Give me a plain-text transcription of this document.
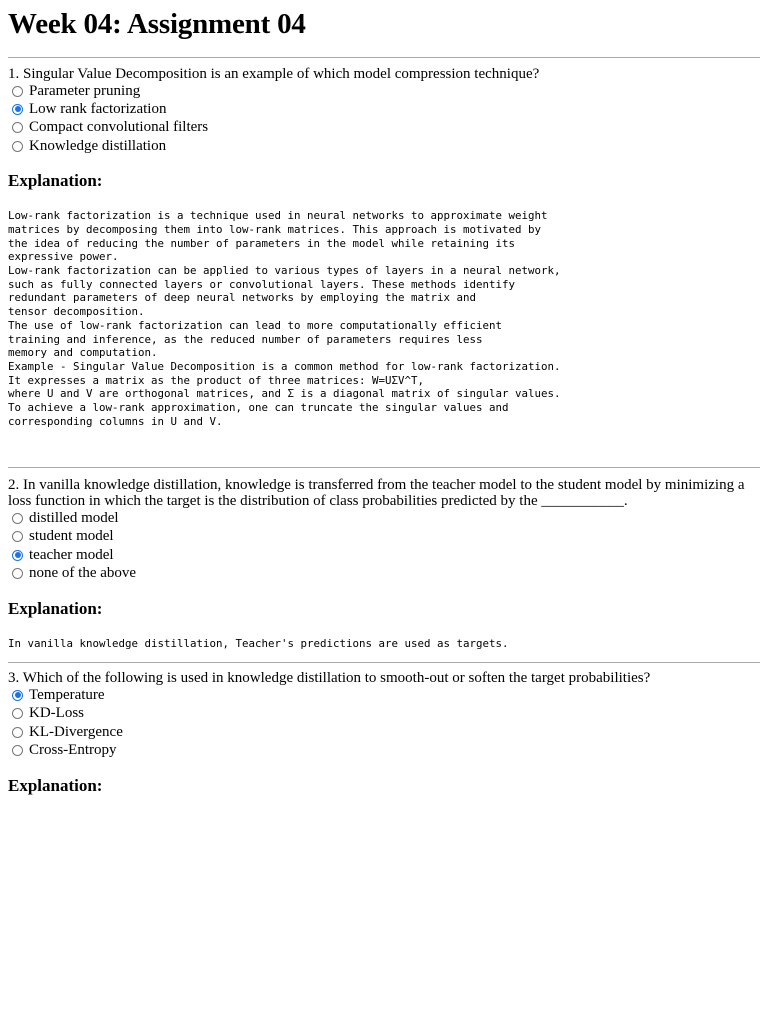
Week 04: Assignment 04

1. Singular Value Decomposition is an example of which model compression technique?

Parameter pruning
Low rank factorization
Compact convolutional filters
Knowledge distillation
Explanation:
Low-rank factorization is a technique used in neural networks to approximate weight
matrices by decomposing them into low-rank matrices. This approach is motivated by
the idea of reducing the number of parameters in the model while retaining its
expressive power.
Low-rank factorization can be applied to various types of layers in a neural network,
such as fully connected layers or convolutional layers. These methods identify
redundant parameters of deep neural networks by employing the matrix and
tensor decomposition.
The use of low-rank factorization can lead to more computationally efficient
training and inference, as the reduced number of parameters requires less
memory and computation.
Example - Singular Value Decomposition is a common method for low-rank factorization.
It expresses a matrix as the product of three matrices: W=UΣV^T,
where U and V are orthogonal matrices, and Σ is a diagonal matrix of singular values.
To achieve a low-rank approximation, one can truncate the singular values and
corresponding columns in U and V.

2. In vanilla knowledge distillation, knowledge is transferred from the teacher model to the student model by minimizing a loss function in which the target is the distribution of class probabilities predicted by the ___________.

distilled model
student model
teacher model
none of the above
Explanation:
In vanilla knowledge distillation, Teacher's predictions are used as targets.

3. Which of the following is used in knowledge distillation to smooth-out or soften the target probabilities?

Temperature
KD-Loss
KL-Divergence
Cross-Entropy
Explanation:
